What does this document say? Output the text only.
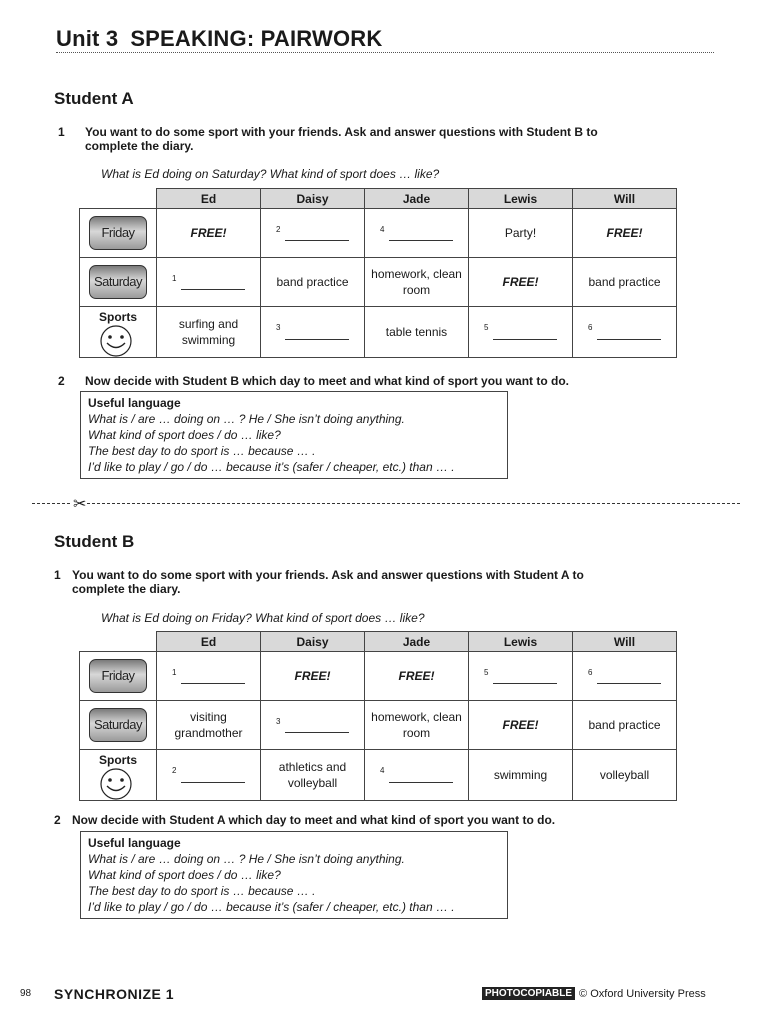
Unit 3 SPEAKING: PAIRWORK
Student A
1 You want to do some sport with your friends. Ask and answer questions with Student B to
complete the diary.
What is Ed doing on Saturday? What kind of sport does … like?
	Ed	Daisy	Jade	Lewis	Will

Friday	FREE!	2	4	Party!	FREE!

Saturday	1	band practice	homework, clean room	FREE!	band practice

Sports	surfing and swimming	3	table tennis	5	6
2 Now decide with Student B which day to meet and what kind of sport you want to do.
Useful language
What is / are … doing on … ? He / She isn’t doing anything.
What kind of sport does / do … like?
The best day to do sport is … because … .
I’d like to play / go / do … because it’s (safer / cheaper, etc.) than … .
✂
Student B
1 You want to do some sport with your friends. Ask and answer questions with Student A to
complete the diary.
What is Ed doing on Friday? What kind of sport does … like?
	Ed	Daisy	Jade	Lewis	Will

Friday	1	FREE!	FREE!	5	6

Saturday	visiting grandmother	3	homework, clean room	FREE!	band practice

Sports	2	athletics and volleyball	4	swimming	volleyball
2 Now decide with Student A which day to meet and what kind of sport you want to do.
Useful language
What is / are … doing on … ? He / She isn’t doing anything.
What kind of sport does / do … like?
The best day to do sport is … because … .
I’d like to play / go / do … because it’s (safer / cheaper, etc.) than … .
98 SYNCHRONIZE 1	PHOTOCOPIABLE © Oxford University Press
